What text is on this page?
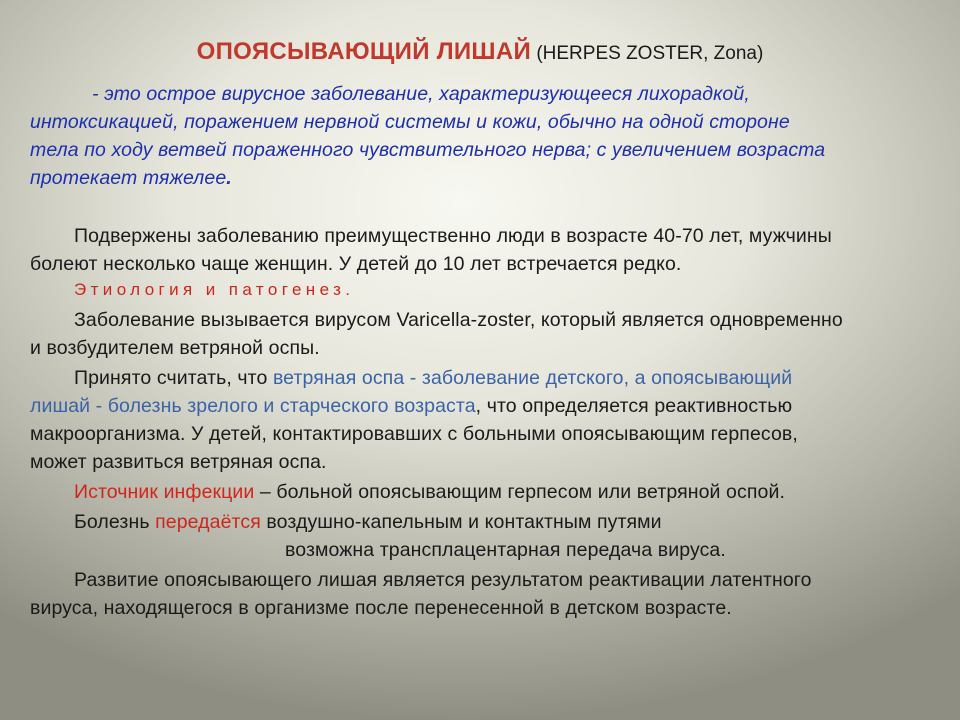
ОПОЯСЫВАЮЩИЙ ЛИШАЙ (HERPES ZOSTER, Zona)
- это острое вирусное заболевание, характеризующееся лихорадкой,
интоксикацией, поражением нервной системы и кожи, обычно на одной стороне
тела по ходу ветвей пораженного чувствительного нерва; с увеличением возраста
протекает тяжелее.
Подвержены заболеванию преимущественно люди в возрасте 40-70 лет, мужчины
болеют несколько чаще женщин. У детей до 10 лет встречается редко.
Этиология и патогенез.
Заболевание вызывается вирусом Varicella-zoster, который является одновременно
и возбудителем ветряной оспы.
Принято считать, что ветряная оспа - заболевание детского, а опоясывающий
лишай - болезнь зрелого и старческого возраста, что определяется реактивностью
макроорганизма. У детей, контактировавших с больными опоясывающим герпесов,
может развиться ветряная оспа.
Источник инфекции – больной опоясывающим герпесом или ветряной оспой.
Болезнь передаётся воздушно-капельным и контактным путями
возможна трансплацентарная передача вируса.
Развитие опоясывающего лишая является результатом реактивации латентного
вируса, находящегося в организме после перенесенной в детском возрасте.
